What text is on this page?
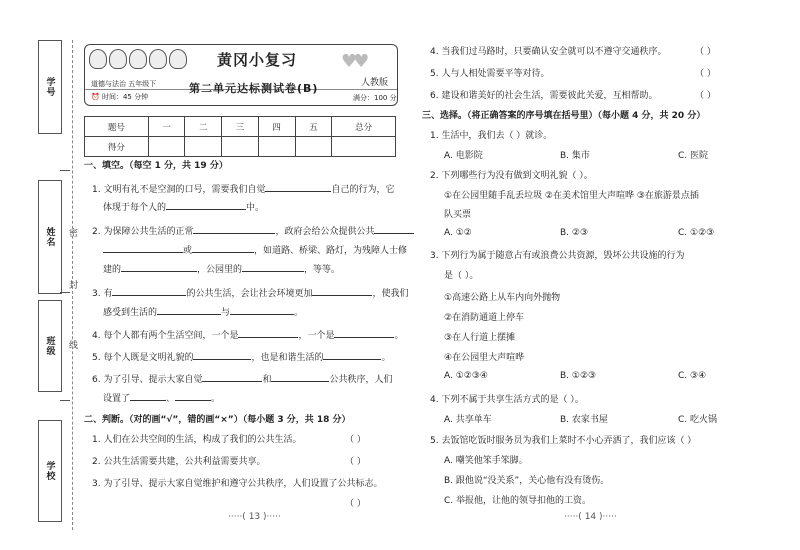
学号
姓名 密
封
班级 线
学校
黄冈小复习 ♥♥
道德与法治 五年级下	第二单元达标测试卷(B)	人教版
⏰ 时间：45 分钟	满分：100 分
题号	一	二	三	四	五	总分
得分						
一、填空。（每空 1 分，共 19 分）
1. 文明有礼不是空洞的口号，需要我们自觉	自己的行为，它
体现于每个人的	中。
2. 为保障公共生活的正常	，政府会给公众提供公共
或	，如道路、桥梁、路灯，为残障人士修
建的	，公园里的	，等等。
3. 有	的公共生活，会让社会环境更加	，使我们
感受到生活的	与	。
4. 每个人都有两个生活空间，一个是	，一个是	。
5. 每个人既是文明礼貌的	，也是和谐生活的	。
6. 为了引导、提示大家自觉	和	公共秩序，人们
设置了	、	。
二、判断。（对的画“√”，错的画“×”）（每小题 3 分，共 18 分）
1. 人们在公共空间的生活，构成了我们的公共生活。	（ ）
2. 公共生活需要共建，公共利益需要共享。	（ ）
3. 为了引导、提示大家自觉维护和遵守公共秩序，人们设置了公共标志。
（ ）
·····( 13 )·····
4. 当我们过马路时，只要确认安全就可以不遵守交通秩序。	（ ）
5. 人与人相处需要平等对待。	（ ）
6. 建设和谐美好的社会生活，需要彼此关爱，互相帮助。	（ ）
三、选择。（将正确答案的序号填在括号里）（每小题 4 分，共 20 分）
1. 生活中，我们去（ ）就诊。
A. 电影院	B. 集市	C. 医院
2. 下列哪些行为没有做到文明礼貌（ ）。
①在公园里随手乱丢垃圾 ②在美术馆里大声喧哗 ③在旅游景点插
队买票
A. ①②	B. ②③	C. ①②③
3. 下列行为属于随意占有或浪费公共资源，毁坏公共设施的行为
是（ ）。
①高速公路上从车内向外抛物
②在消防通道上停车
③在人行道上摆摊
④在公园里大声喧哗
A. ①②③④	B. ①②③	C. ③④
4. 下列不属于共享生活方式的是（ ）。
A. 共享单车	B. 农家书屋	C. 吃火锅
5. 去饭馆吃饭时服务员为我们上菜时不小心弄洒了，我们应该（ ）
A. 嘲笑他笨手笨脚。
B. 跟他说“没关系”，关心他有没有烫伤。
C. 举报他，让他的领导扣他的工资。
·····( 14 )·····
